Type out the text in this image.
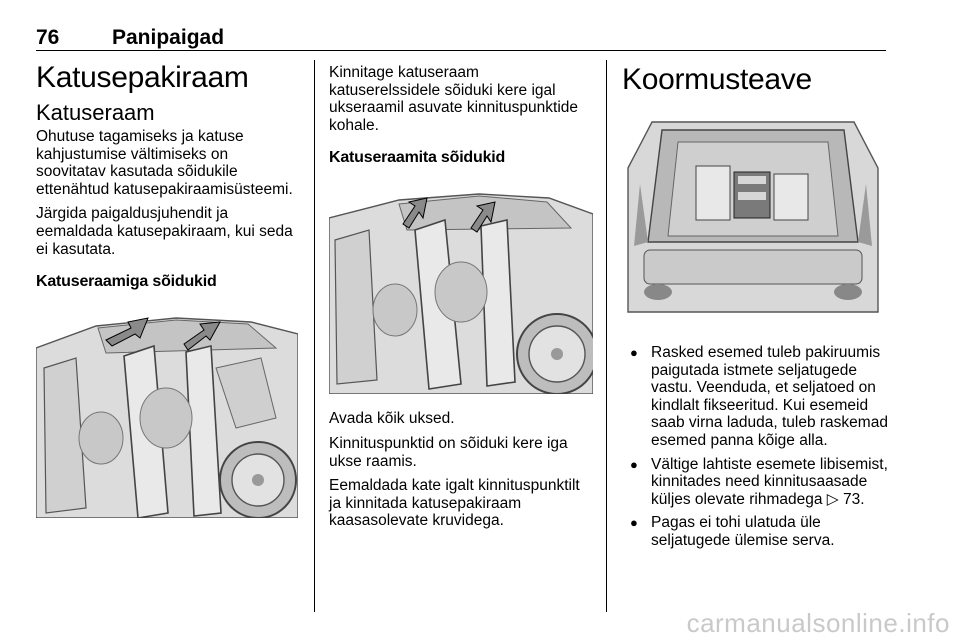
76	Panipaigad
Katusepakiraam
Katuseraam

Ohutuse tagamiseks ja katuse kahjustumise vältimiseks on soovitatav kasutada sõidukile ettenähtud katusepakiraamisüsteemi.

Järgida paigaldusjuhendit ja eemaldada katusepakiraam, kui seda ei kasutata.

Katuseraamiga sõidukid

Kinnitage katuseraam katuserelssidele sõiduki kere igal ukseraamil asuvate kinnituspunktide kohale.

Katuseraamita sõidukid

Avada kõik uksed.

Kinnituspunktid on sõiduki kere iga ukse raamis.

Eemaldada kate igalt kinnituspunktilt ja kinnitada katusepakiraam kaasasolevate kruvidega.

Koormusteave
● Rasked esemed tuleb pakiruumis paigutada istmete seljatugede vastu. Veenduda, et seljatoed on kindlalt fikseeritud. Kui esemeid saab virna laduda, tuleb raskemad esemed panna kõige alla.
● Vältige lahtiste esemete libisemist, kinnitades need kinnitusaasade küljes olevate rihmadega ▷ 73.
● Pagas ei tohi ulatuda üle seljatugede ülemise serva.
carmanualsonline.info
